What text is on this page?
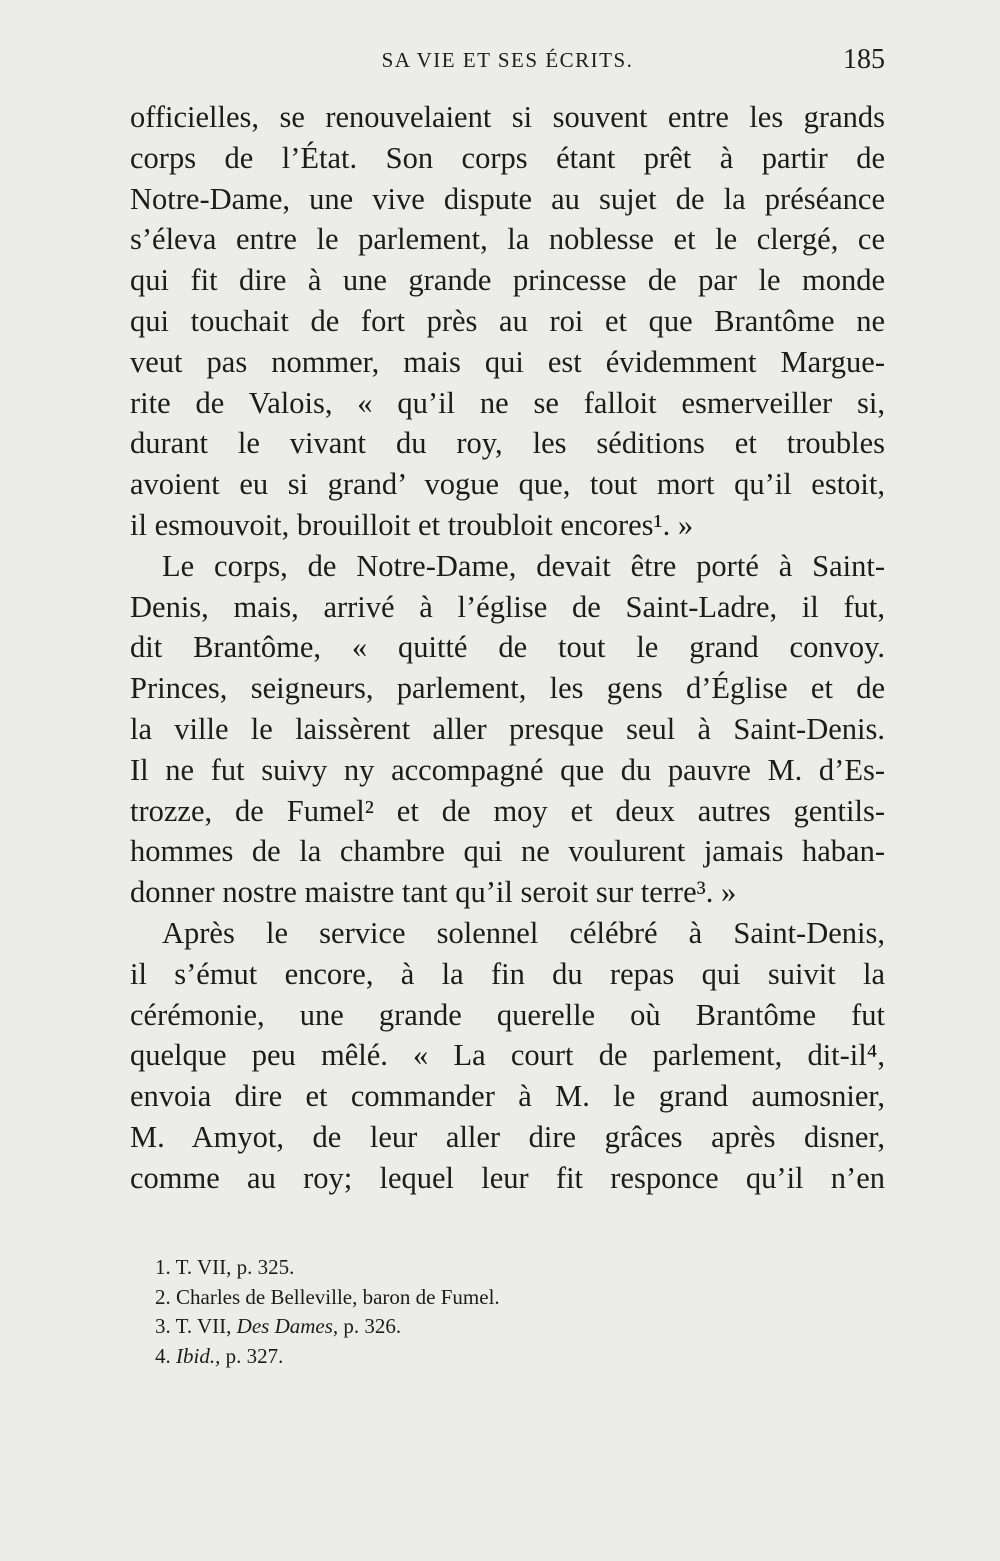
SA VIE ET SES ÉCRITS.	185
officielles, se renouvelaient si souvent entre les grands
corps de l’État. Son corps étant prêt à partir de
Notre-Dame, une vive dispute au sujet de la préséance
s’éleva entre le parlement, la noblesse et le clergé, ce
qui fit dire à une grande princesse de par le monde
qui touchait de fort près au roi et que Brantôme ne
veut pas nommer, mais qui est évidemment Margue-
rite de Valois, « qu’il ne se falloit esmerveiller si,
durant le vivant du roy, les séditions et troubles
avoient eu si grand’ vogue que, tout mort qu’il estoit,
il esmouvoit, brouilloit et troubloit encores¹. »
Le corps, de Notre-Dame, devait être porté à Saint-
Denis, mais, arrivé à l’église de Saint-Ladre, il fut,
dit Brantôme, « quitté de tout le grand convoy.
Princes, seigneurs, parlement, les gens d’Église et de
la ville le laissèrent aller presque seul à Saint-Denis.
Il ne fut suivy ny accompagné que du pauvre M. d’Es-
trozze, de Fumel² et de moy et deux autres gentils-
hommes de la chambre qui ne voulurent jamais haban-
donner nostre maistre tant qu’il seroit sur terre³. »
Après le service solennel célébré à Saint-Denis,
il s’émut encore, à la fin du repas qui suivit la
cérémonie, une grande querelle où Brantôme fut
quelque peu mêlé. « La court de parlement, dit-il⁴,
envoia dire et commander à M. le grand aumosnier,
M. Amyot, de leur aller dire grâces après disner,
comme au roy; lequel leur fit responce qu’il n’en
1. T. VII, p. 325.
2. Charles de Belleville, baron de Fumel.
3. T. VII, Des Dames, p. 326.
4. Ibid., p. 327.
